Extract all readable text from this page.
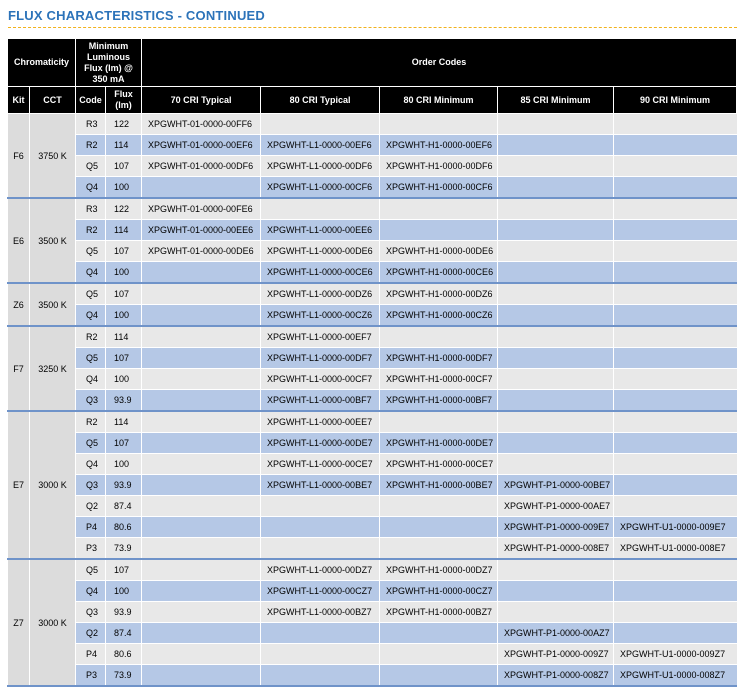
FLUX CHARACTERISTICS - CONTINUED
Chromaticity		Minimum Luminous Flux (lm) @ 350 mA		Order Codes				
Kit	CCT	Code	Flux (lm)	70 CRI Typical	80 CRI Typical	80 CRI Minimum	85 CRI Minimum	90 CRI Minimum
F6	3750 K	R3	122	XPGWHT-01-0000-00FF6				
		R2	114	XPGWHT-01-0000-00EF6	XPGWHT-L1-0000-00EF6	XPGWHT-H1-0000-00EF6		
		Q5	107	XPGWHT-01-0000-00DF6	XPGWHT-L1-0000-00DF6	XPGWHT-H1-0000-00DF6		
		Q4	100		XPGWHT-L1-0000-00CF6	XPGWHT-H1-0000-00CF6		
E6	3500 K	R3	122	XPGWHT-01-0000-00FE6				
		R2	114	XPGWHT-01-0000-00EE6	XPGWHT-L1-0000-00EE6			
		Q5	107	XPGWHT-01-0000-00DE6	XPGWHT-L1-0000-00DE6	XPGWHT-H1-0000-00DE6		
		Q4	100		XPGWHT-L1-0000-00CE6	XPGWHT-H1-0000-00CE6		
Z6	3500 K	Q5	107		XPGWHT-L1-0000-00DZ6	XPGWHT-H1-0000-00DZ6		
		Q4	100		XPGWHT-L1-0000-00CZ6	XPGWHT-H1-0000-00CZ6		
F7	3250 K	R2	114		XPGWHT-L1-0000-00EF7			
		Q5	107		XPGWHT-L1-0000-00DF7	XPGWHT-H1-0000-00DF7		
		Q4	100		XPGWHT-L1-0000-00CF7	XPGWHT-H1-0000-00CF7		
		Q3	93.9		XPGWHT-L1-0000-00BF7	XPGWHT-H1-0000-00BF7		
E7	3000 K	R2	114		XPGWHT-L1-0000-00EE7			
		Q5	107		XPGWHT-L1-0000-00DE7	XPGWHT-H1-0000-00DE7		
		Q4	100		XPGWHT-L1-0000-00CE7	XPGWHT-H1-0000-00CE7		
		Q3	93.9		XPGWHT-L1-0000-00BE7	XPGWHT-H1-0000-00BE7	XPGWHT-P1-0000-00BE7	
		Q2	87.4				XPGWHT-P1-0000-00AE7	
		P4	80.6				XPGWHT-P1-0000-009E7	XPGWHT-U1-0000-009E7
		P3	73.9				XPGWHT-P1-0000-008E7	XPGWHT-U1-0000-008E7
Z7	3000 K	Q5	107		XPGWHT-L1-0000-00DZ7	XPGWHT-H1-0000-00DZ7		
		Q4	100		XPGWHT-L1-0000-00CZ7	XPGWHT-H1-0000-00CZ7		
		Q3	93.9		XPGWHT-L1-0000-00BZ7	XPGWHT-H1-0000-00BZ7		
		Q2	87.4				XPGWHT-P1-0000-00AZ7	
		P4	80.6				XPGWHT-P1-0000-009Z7	XPGWHT-U1-0000-009Z7
		P3	73.9				XPGWHT-P1-0000-008Z7	XPGWHT-U1-0000-008Z7
